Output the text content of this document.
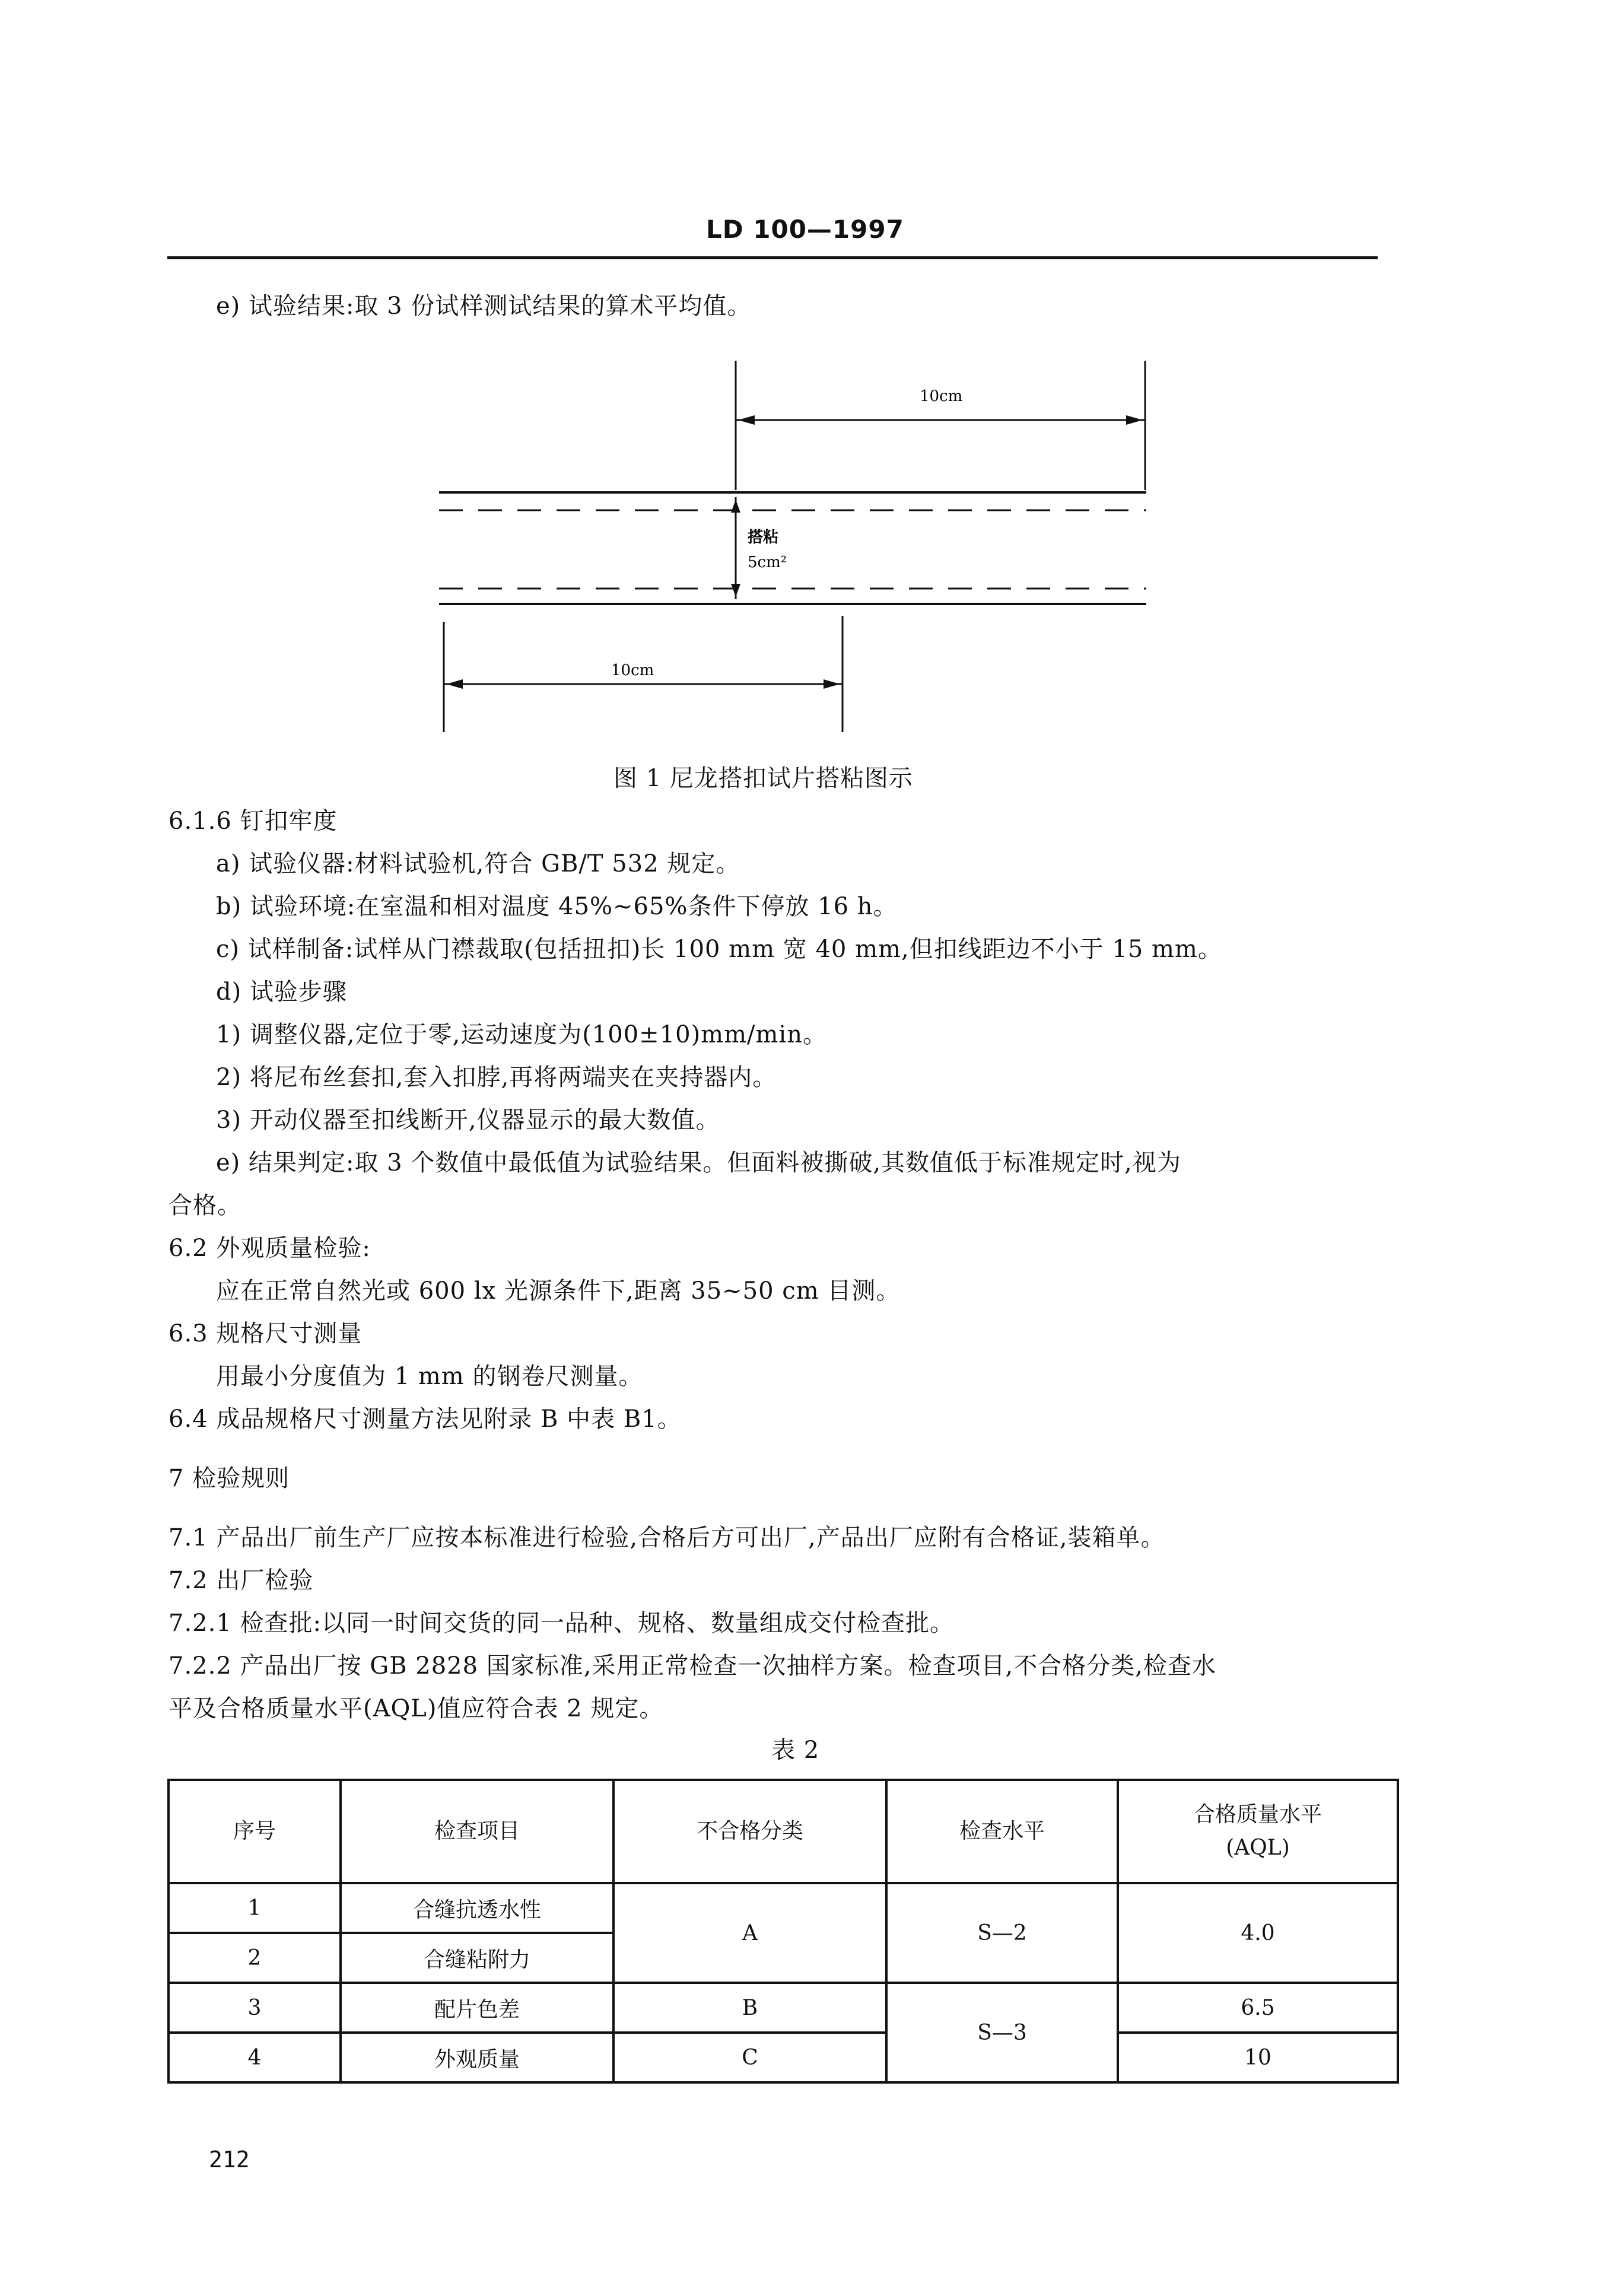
LD 100—1997
e) 试验结果:取 3 份试样测试结果的算术平均值。
10cm
10cm
搭粘
5cm²
图 1 尼龙搭扣试片搭粘图示
6.1.6 钉扣牢度
a) 试验仪器:材料试验机,符合 GB/T 532 规定。
b) 试验环境:在室温和相对温度 45%~65%条件下停放 16 h。
c) 试样制备:试样从门襟裁取(包括扭扣)长 100 mm 宽 40 mm,但扣线距边不小于 15 mm。
d) 试验步骤
1) 调整仪器,定位于零,运动速度为(100±10)mm/min。
2) 将尼布丝套扣,套入扣脖,再将两端夹在夹持器内。
3) 开动仪器至扣线断开,仪器显示的最大数值。
e) 结果判定:取 3 个数值中最低值为试验结果。但面料被撕破,其数值低于标准规定时,视为
合格。
6.2 外观质量检验:
应在正常自然光或 600 lx 光源条件下,距离 35~50 cm 目测。
6.3 规格尺寸测量
用最小分度值为 1 mm 的钢卷尺测量。
6.4 成品规格尺寸测量方法见附录 B 中表 B1。
7 检验规则
7.1 产品出厂前生产厂应按本标准进行检验,合格后方可出厂,产品出厂应附有合格证,装箱单。
7.2 出厂检验
7.2.1 检查批:以同一时间交货的同一品种、规格、数量组成交付检查批。
7.2.2 产品出厂按 GB 2828 国家标准,采用正常检查一次抽样方案。检查项目,不合格分类,检查水
平及合格质量水平(AQL)值应符合表 2 规定。
表 2
序号	检查项目	不合格分类	检查水平	合格质量水平
(AQL)

1	合缝抗透水性	A	S—2	4.0
2	合缝粘附力			
3	配片色差	B	S—3	6.5
4	外观质量	C		10
212
